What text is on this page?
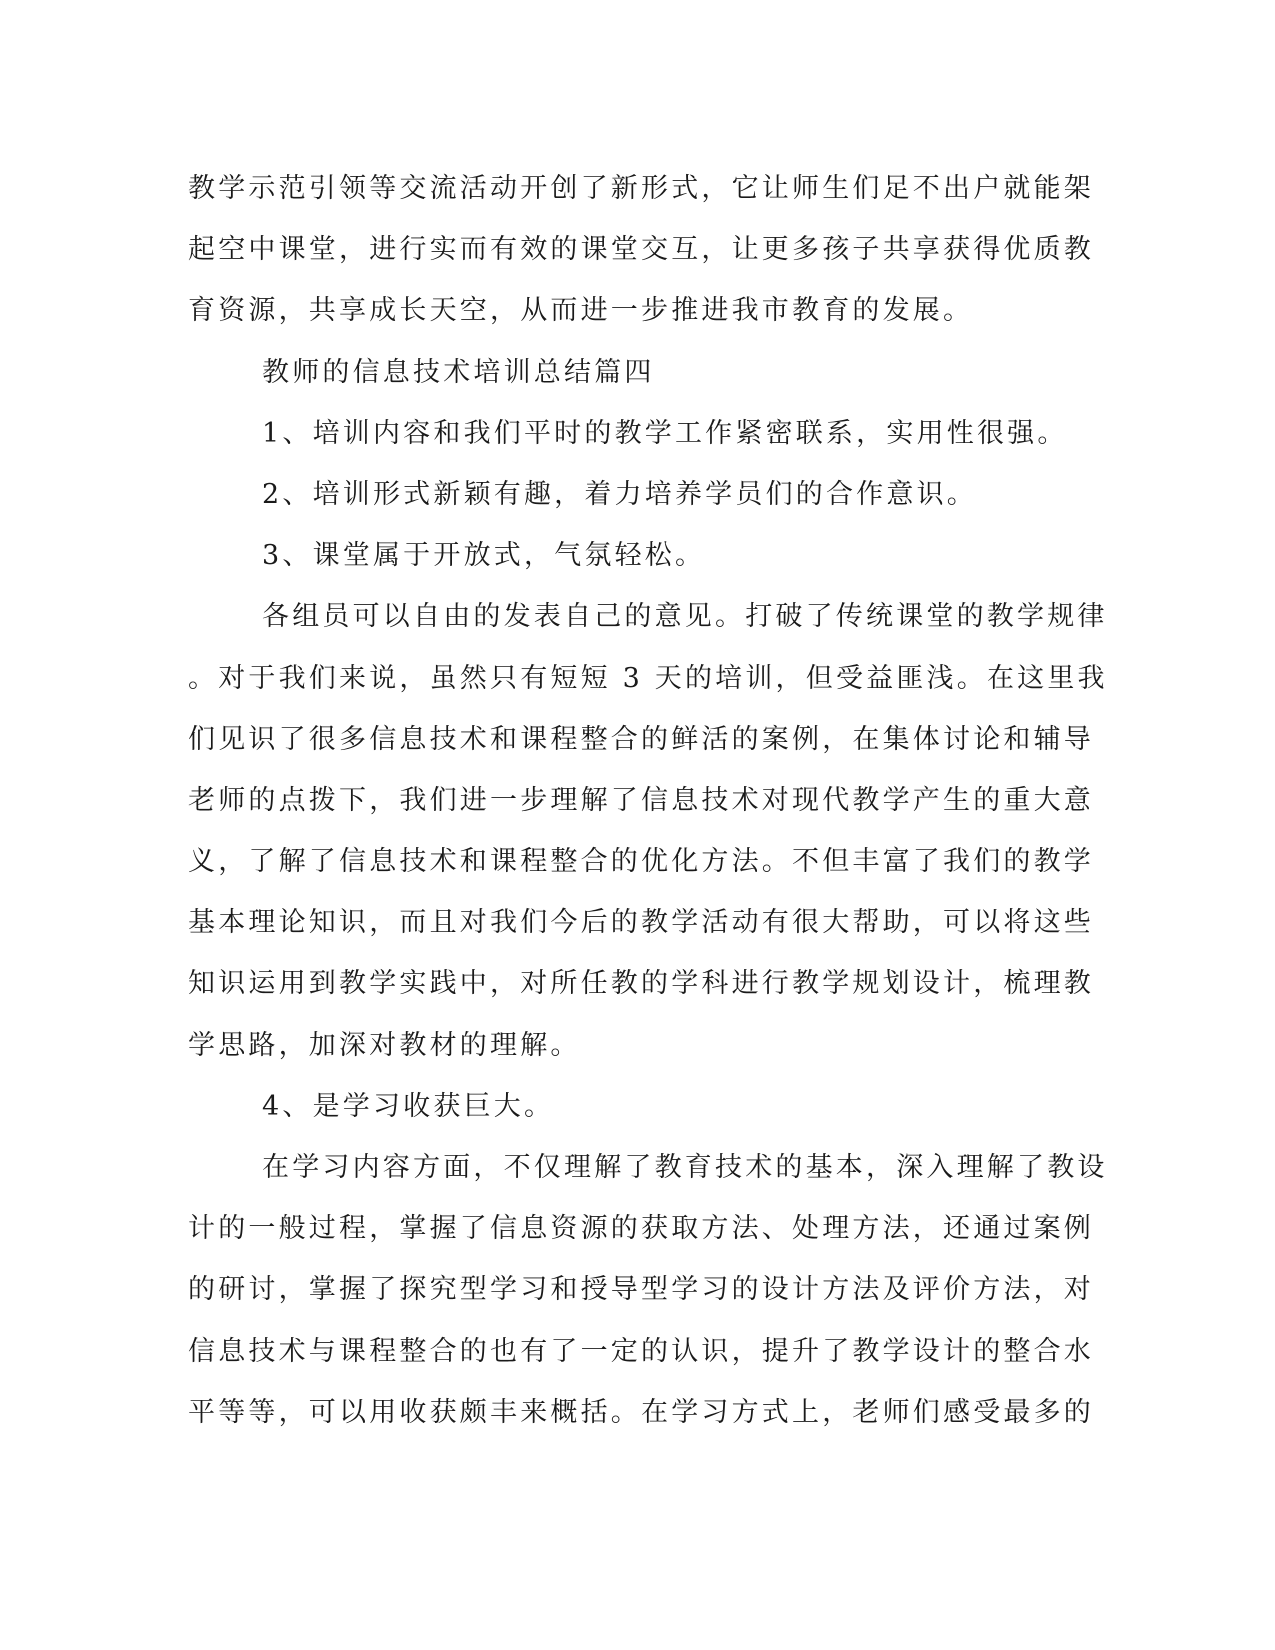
教学示范引领等交流活动开创了新形式，它让师生们足不出户就能架
起空中课堂，进行实而有效的课堂交互，让更多孩子共享获得优质教
育资源，共享成长天空，从而进一步推进我市教育的发展。
教师的信息技术培训总结篇四
1、培训内容和我们平时的教学工作紧密联系，实用性很强。
2、培训形式新颖有趣，着力培养学员们的合作意识。
3、课堂属于开放式，气氛轻松。
各组员可以自由的发表自己的意见。打破了传统课堂的教学规律
。对于我们来说，虽然只有短短 3 天的培训，但受益匪浅。在这里我
们见识了很多信息技术和课程整合的鲜活的案例，在集体讨论和辅导
老师的点拨下，我们进一步理解了信息技术对现代教学产生的重大意
义，了解了信息技术和课程整合的优化方法。不但丰富了我们的教学
基本理论知识，而且对我们今后的教学活动有很大帮助，可以将这些
知识运用到教学实践中，对所任教的学科进行教学规划设计，梳理教
学思路，加深对教材的理解。
4、是学习收获巨大。
在学习内容方面，不仅理解了教育技术的基本，深入理解了教设
计的一般过程，掌握了信息资源的获取方法、处理方法，还通过案例
的研讨，掌握了探究型学习和授导型学习的设计方法及评价方法，对
信息技术与课程整合的也有了一定的认识，提升了教学设计的整合水
平等等，可以用收获颇丰来概括。在学习方式上，老师们感受最多的
